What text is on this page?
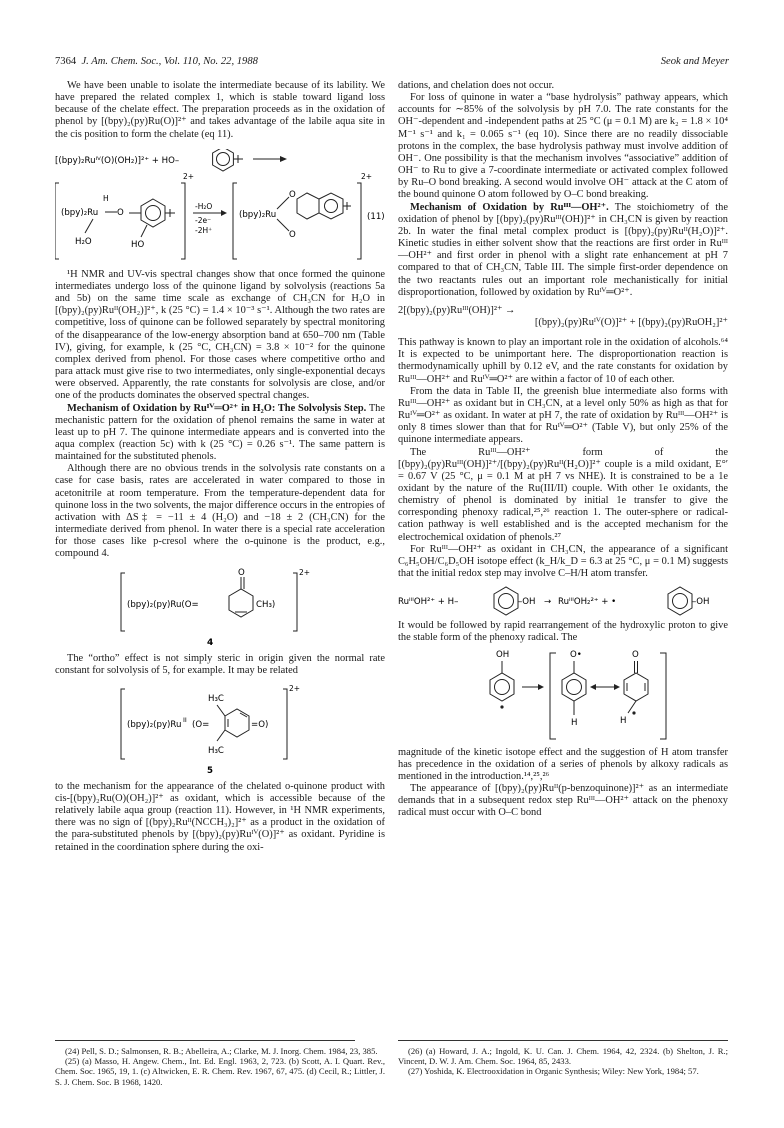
7364 J. Am. Chem. Soc., Vol. 110, No. 22, 1988	Seok and Meyer

We have been unable to isolate the intermediate because of its lability. We have prepared the related complex 1, which is stable toward ligand loss because of the chelate effect. The preparation proceeds as in the oxidation of phenol by [(bpy)₂(py)Ru(O)]²⁺ and takes advantage of the labile aqua site in the cis position to form the chelate (eq 11).

[(bpy)₂Ruᴵⱽ(O)(OH₂)]²⁺ + HO–
(bpy)₂Ru
H
O
H₂O	HO
2+
-H₂O
-2e⁻
-2H⁺
(bpy)₂Ru
O
O
2+
(11)

¹H NMR and UV-vis spectral changes show that once formed the quinone intermediates undergo loss of the quinone ligand by solvolysis (reactions 5a and 5b) on the same time scale as exchange of CH₃CN for H₂O in [(bpy)₂(py)Ruᴵᴵ(OH₂)]²⁺, k (25 °C) = 1.4 × 10⁻³ s⁻¹. Although the two rates are competitive, loss of quinone can be followed separately by spectral monitoring of the disappearance of the low-energy absorption band at 650–700 nm (Table IV), giving, for example, k (25 °C, CH₃CN) = 3.8 × 10⁻² for the quinone complex derived from phenol. For those cases where competitive ortho and para attack must give rise to two intermediates, only single-exponential decays were observed. Apparently, the rate constants for solvolysis are close, and/or one of the products dominates the observed spectral changes.

Mechanism of Oxidation by Ruᴵⱽ═O²⁺ in H₂O: The Solvolysis Step. The mechanistic pattern for the oxidation of phenol remains the same in water at least up to pH 7. The quinone intermediate appears and is converted into the aqua complex (reaction 5c) with k (25 °C) = 0.26 s⁻¹. The same pattern is maintained for the substituted phenols.

Although there are no obvious trends in the solvolysis rate constants on a case for case basis, rates are accelerated in water compared to those in acetonitrile at room temperature. From the temperature-dependent data for quinone loss in the two solvents, the major difference occurs in the entropies of activation with ΔS‡ = −11 ± 4 (H₂O) and −18 ± 2 (CH₃CN) for the intermediate derived from phenol. In water there is a special rate acceleration for those cases like p-cresol where the o-quinone is the product, e.g., compound 4.

(bpy)₂(py)Ru(O=
O
CH₃)
2+
4

The “ortho” effect is not simply steric in origin given the normal rate constant for solvolysis of 5, for example. It may be related

(bpy)₂(py)Ru II (O=
H₃C
H₃C
=O)
2+
5

to the mechanism for the appearance of the chelated o-quinone product with cis-[(bpy)₂Ru(O)(OH₂)]²⁺ as oxidant, which is accessible because of the relatively labile aqua group (reaction 11). However, in ¹H NMR experiments, there was no sign of [(bpy)₂Ruᴵᴵ(NCCH₃)₂]²⁺ as a product in the oxidation of the para-substituted phenols by [(bpy)₂(py)Ruᴵⱽ(O)]²⁺ as oxidant. Pyridine is retained in the coordination sphere during the oxi-

dations, and chelation does not occur.

For loss of quinone in water a “base hydrolysis” pathway appears, which accounts for ∼85% of the solvolysis by pH 7.0. The rate constants for the OH⁻-dependent and -independent paths at 25 °C (μ = 0.1 M) are k₂ = 1.8 × 10⁴ M⁻¹ s⁻¹ and k₁ = 0.065 s⁻¹ (eq 10). Since there are no readily dissociable protons in the complex, the base hydrolysis pathway must involve addition of OH⁻. One possibility is that the mechanism involves “associative” addition of OH⁻ to Ru to give a 7-coordinate intermediate or activated complex followed by Ru–O bond breaking. A second would involve OH⁻ attack at the C atom of the bound quinone O atom followed by O–C bond breaking.

Mechanism of Oxidation by Ruᴵᴵᴵ—OH²⁺. The stoichiometry of the oxidation of phenol by [(bpy)₂(py)Ruᴵᴵᴵ(OH)]²⁺ in CH₃CN is given by reaction 2b. In water the final metal complex product is [(bpy)₂(py)Ruᴵᴵ(H₂O)]²⁺. Kinetic studies in either solvent show that the reactions are first order in Ruᴵᴵᴵ—OH²⁺ and first order in phenol with a slight rate enhancement at pH 7 compared to that of CH₃CN, Table III. The simple first-order dependence on the two reactants rules out an important role mechanistically for initial disproportionation, followed by oxidation by Ruᴵⱽ═O²⁺.

2[(bpy)₂(py)Ruᴵᴵᴵ(OH)]²⁺ →
[(bpy)₂(py)Ruᴵⱽ(O)]²⁺ + [(bpy)₂(py)RuOH₂]²⁺

This pathway is known to play an important role in the oxidation of alcohols.⁶⁴ It is expected to be unimportant here. The disproportionation reaction is thermodynamically uphill by 0.12 eV, and the rate constants for oxidation by Ruᴵᴵᴵ—OH²⁺ and Ruᴵⱽ═O²⁺ are within a factor of 10 of each other.

From the data in Table II, the greenish blue intermediate also forms with Ruᴵᴵᴵ—OH²⁺ as oxidant but in CH₃CN, at a level only 50% as high as that for Ruᴵⱽ═O²⁺ as oxidant. In water at pH 7, the rate of oxidation by Ruᴵᴵᴵ—OH²⁺ is only 8 times slower than that for Ruᴵⱽ═O²⁺ (Table V), but only 25% of the quinone intermediate appears.

The Ruᴵᴵᴵ—OH²⁺ form of the [(bpy)₂(py)Ruᴵᴵᴵ(OH)]²⁺/[(bpy)₂(py)Ruᴵᴵ(H₂O)]²⁺ couple is a mild oxidant, E°′ = 0.67 V (25 °C, μ = 0.1 M at pH 7 vs NHE). It is constrained to be a 1e oxidant by the nature of the Ru(III/II) couple. With other 1e oxidants, the chemistry of phenol is dominated by initial 1e transfer to give the corresponding phenoxy radical,²⁵,²⁶ reaction 1. The outer-sphere or radical-cation pathway is well established and is the accepted mechanism for the electrochemical oxidation of phenols.²⁷

For Ruᴵᴵᴵ—OH²⁺ as oxidant in CH₃CN, the appearance of a significant C₆H₅OH/C₆D₅OH isotope effect (k_H/k_D = 6.3 at 25 °C, μ = 0.1 M) suggests that the initial redox step may involve C–H/H atom transfer.

RuᴵᴵᴵOH²⁺ + H–	–OH → RuᴵᴵᴵOH₂²⁺ + •	–OH

It would be followed by rapid rearrangement of the hydroxylic proton to give the stable form of the phenoxy radical. The

OH	O•
H
O
H

magnitude of the kinetic isotope effect and the suggestion of H atom transfer has precedence in the oxidation of a series of phenols by alkoxy radicals as mentioned in the introduction.¹⁴,²⁵,²⁶

The appearance of [(bpy)₂(py)Ruᴵᴵ(p-benzoquinone)]²⁺ as an intermediate demands that in a subsequent redox step Ruᴵᴵᴵ—OH²⁺ attack on the phenoxy radical must occur with O–C bond

(24) Pell, S. D.; Salmonsen, R. B.; Abelleira, A.; Clarke, M. J. Inorg. Chem. 1984, 23, 385.

(25) (a) Masso, H. Angew. Chem., Int. Ed. Engl. 1963, 2, 723. (b) Scott, A. I. Quart. Rev., Chem. Soc. 1965, 19, 1. (c) Altwicken, E. R. Chem. Rev. 1967, 67, 475. (d) Cecil, R.; Littler, J. S. J. Chem. Soc. B 1968, 1420.

(26) (a) Howard, J. A.; Ingold, K. U. Can. J. Chem. 1964, 42, 2324. (b) Shelton, J. R.; Vincent, D. W. J. Am. Chem. Soc. 1964, 85, 2433.

(27) Yoshida, K. Electrooxidation in Organic Synthesis; Wiley: New York, 1984; 57.
